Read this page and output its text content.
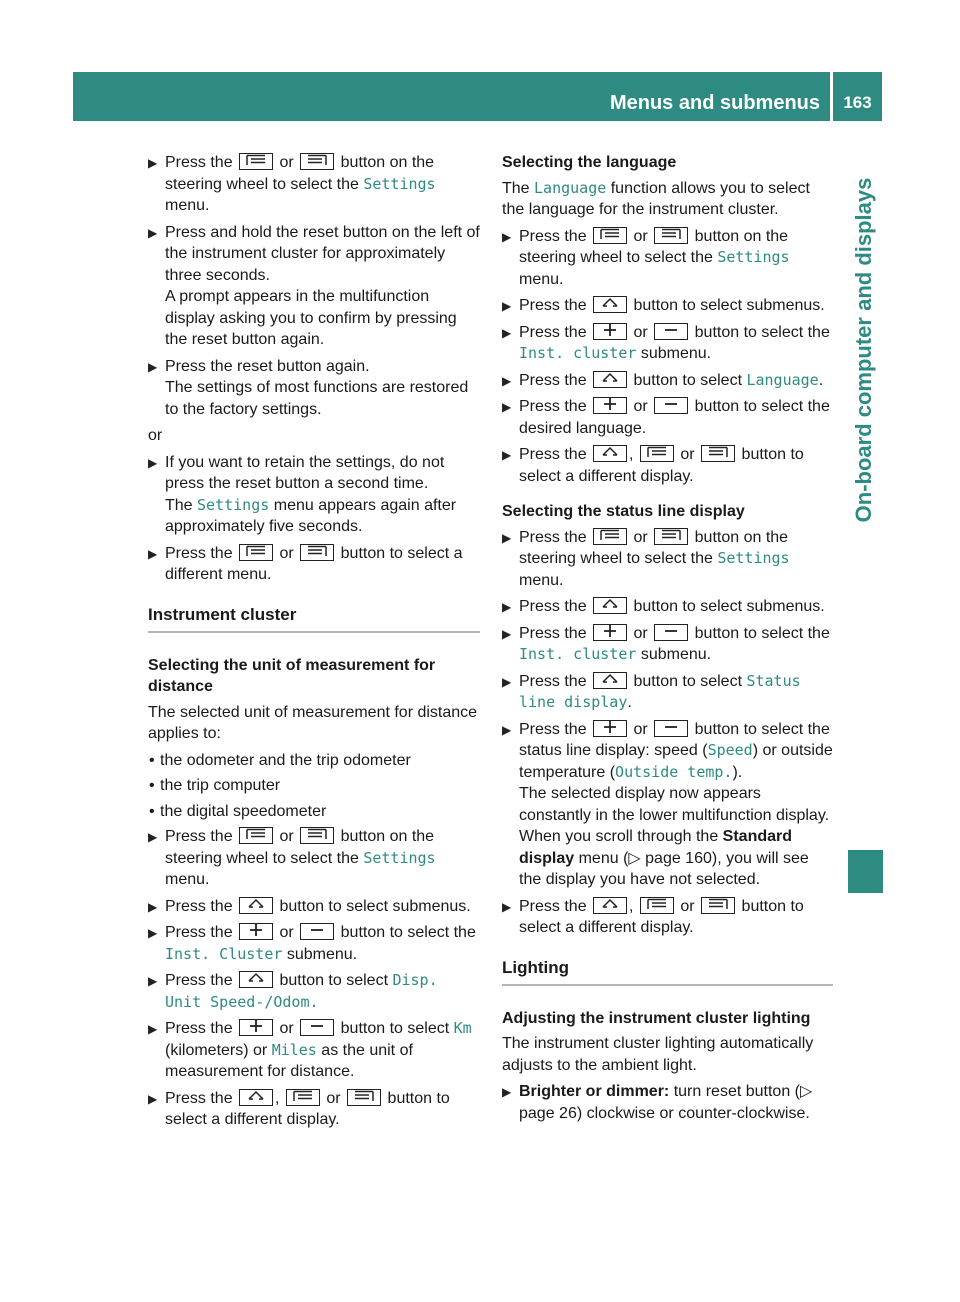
Menus and submenus	163
On-board computer and displays
▶ Press the	or	button on the steering wheel to select the Settings menu.
▶ Press and hold the reset button on the left of the instrument cluster for approximately three seconds.
A prompt appears in the multifunction display asking you to confirm by pressing the reset button again.
▶ Press the reset button again.
The settings of most functions are restored to the factory settings.

or

▶ If you want to retain the settings, do not press the reset button a second time.
The Settings menu appears again after approximately five seconds.
▶ Press the	or	button to select a different menu.
Instrument cluster
Selecting the unit of measurement for distance

The selected unit of measurement for distance applies to:

• the odometer and the trip odometer
• the trip computer
• the digital speedometer
▶ Press the	or	button on the steering wheel to select the Settings menu.
▶ Press the	button to select submenus.
▶ Press the	or	button to select the Inst. Cluster submenu.
▶ Press the	button to select Disp. Unit Speed-/Odom.
▶ Press the	or	button to select Km (kilometers) or Miles as the unit of measurement for distance.
▶ Press the	,	or	button to select a different display.
Selecting the language

The Language function allows you to select the language for the instrument cluster.

▶ Press the	or	button on the steering wheel to select the Settings menu.
▶ Press the	button to select submenus.
▶ Press the	or	button to select the Inst. cluster submenu.
▶ Press the	button to select Language.
▶ Press the	or	button to select the desired language.
▶ Press the	,	or	button to select a different display.
Selecting the status line display
▶ Press the	or	button on the steering wheel to select the Settings menu.
▶ Press the	button to select submenus.
▶ Press the	or	button to select the Inst. cluster submenu.
▶ Press the	button to select Status line display.
▶ Press the	or	button to select the status line display: speed (Speed) or outside temperature (Outside temp.).
The selected display now appears constantly in the lower multifunction display. When you scroll through the Standard display menu (▷ page 160), you will see the display you have not selected.
▶ Press the	,	or	button to select a different display.
Lighting
Adjusting the instrument cluster lighting

The instrument cluster lighting automatically adjusts to the ambient light.

▶ Brighter or dimmer: turn reset button (▷ page 26) clockwise or counter-clockwise.
